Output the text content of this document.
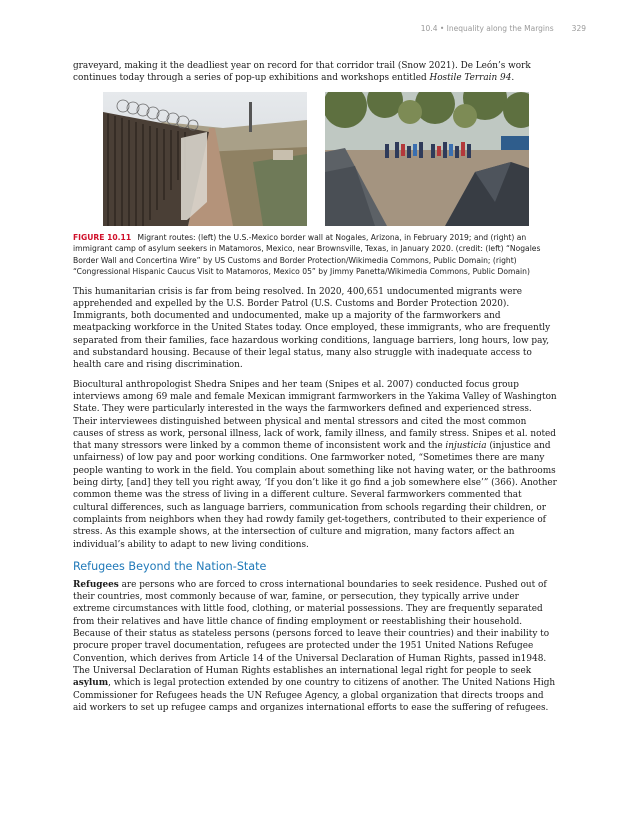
10.4 • Inequality along the Margins 329

graveyard, making it the deadliest year on record for that corridor trail (Snow 2021). De León’s work continues today through a series of pop-up exhibitions and workshops entitled Hostile Terrain 94.

FIGURE 10.11 Migrant routes: (left) the U.S.-Mexico border wall at Nogales, Arizona, in February 2019; and (right) an immigrant camp of asylum seekers in Matamoros, Mexico, near Brownsville, Texas, in January 2020. (credit: (left) “Nogales Border Wall and Concertina Wire” by US Customs and Border Protection/Wikimedia Commons, Public Domain; (right) “Congressional Hispanic Caucus Visit to Matamoros, Mexico 05” by Jimmy Panetta/Wikimedia Commons, Public Domain)

This humanitarian crisis is far from being resolved. In 2020, 400,651 undocumented migrants were apprehended and expelled by the U.S. Border Patrol (U.S. Customs and Border Protection 2020). Immigrants, both documented and undocumented, make up a majority of the farmworkers and meatpacking workforce in the United States today. Once employed, these immigrants, who are frequently separated from their families, face hazardous working conditions, language barriers, long hours, low pay, and substandard housing. Because of their legal status, many also struggle with inadequate access to health care and rising discrimination.

Biocultural anthropologist Shedra Snipes and her team (Snipes et al. 2007) conducted focus group interviews among 69 male and female Mexican immigrant farmworkers in the Yakima Valley of Washington State. They were particularly interested in the ways the farmworkers defined and experienced stress. Their interviewees distinguished between physical and mental stressors and cited the most common causes of stress as work, personal illness, lack of work, family illness, and family stress. Snipes et al. noted that many stressors were linked by a common theme of inconsistent work and the injusticia (injustice and unfairness) of low pay and poor working conditions. One farmworker noted, “Sometimes there are many people wanting to work in the field. You complain about something like not having water, or the bathrooms being dirty, [and] they tell you right away, ‘If you don’t like it go find a job somewhere else’” (366). Another common theme was the stress of living in a different culture. Several farmworkers commented that cultural differences, such as language barriers, communication from schools regarding their children, or complaints from neighbors when they had rowdy family get-togethers, contributed to their experience of stress. As this example shows, at the intersection of culture and migration, many factors affect an individual’s ability to adapt to new living conditions.

Refugees Beyond the Nation-State

Refugees are persons who are forced to cross international boundaries to seek residence. Pushed out of their countries, most commonly because of war, famine, or persecution, they typically arrive under extreme circumstances with little food, clothing, or material possessions. They are frequently separated from their relatives and have little chance of finding employment or reestablishing their household. Because of their status as stateless persons (persons forced to leave their countries) and their inability to procure proper travel documentation, refugees are protected under the 1951 United Nations Refugee Convention, which derives from Article 14 of the Universal Declaration of Human Rights, passed in1948. The Universal Declaration of Human Rights establishes an international legal right for people to seek asylum, which is legal protection extended by one country to citizens of another. The United Nations High Commissioner for Refugees heads the UN Refugee Agency, a global organization that directs troops and aid workers to set up refugee camps and organizes international efforts to ease the suffering of refugees.
